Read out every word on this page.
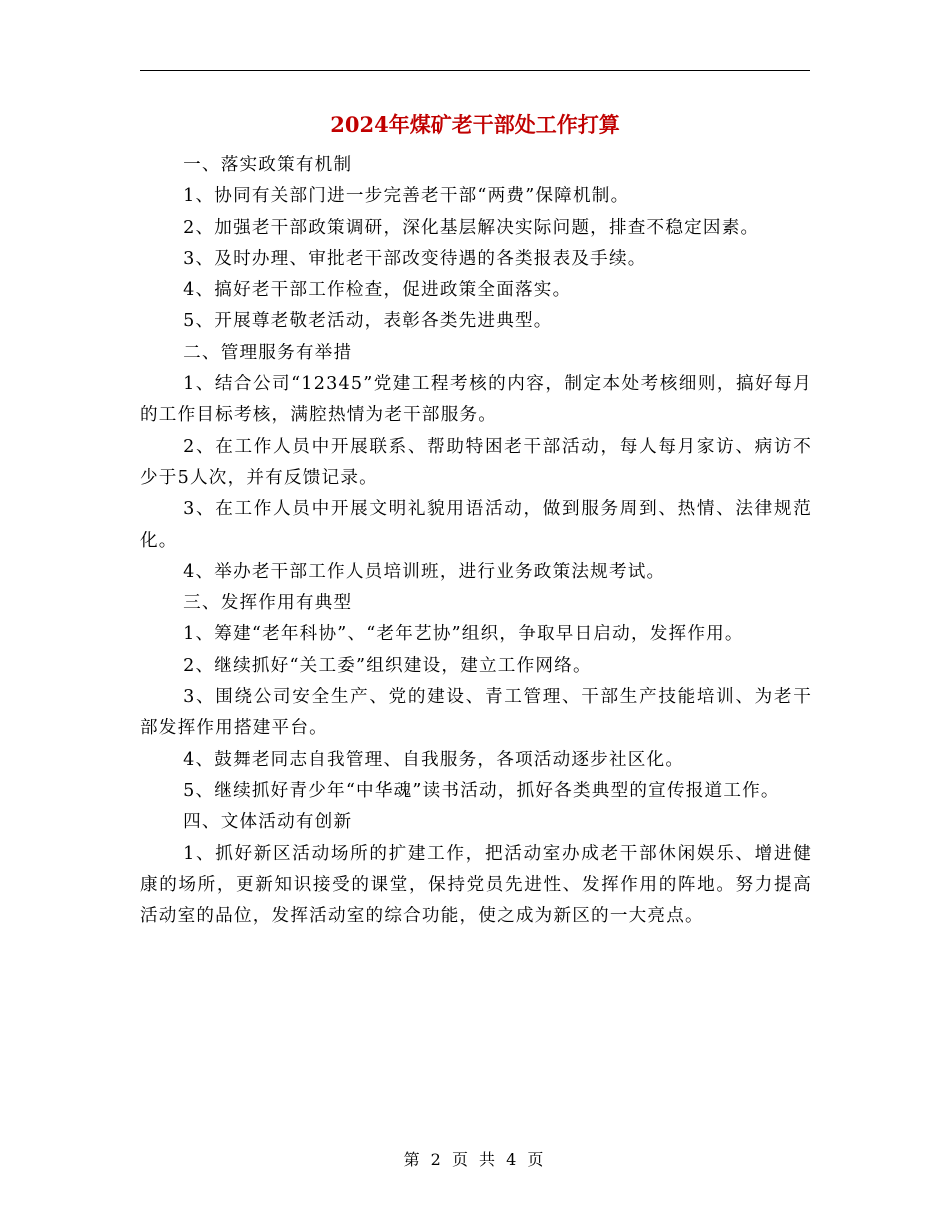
2024年煤矿老干部处工作打算

一、落实政策有机制

1、协同有关部门进一步完善老干部“两费”保障机制。

2、加强老干部政策调研，深化基层解决实际问题，排查不稳定因素。

3、及时办理、审批老干部改变待遇的各类报表及手续。

4、搞好老干部工作检查，促进政策全面落实。

5、开展尊老敬老活动，表彰各类先进典型。

二、管理服务有举措

1、结合公司“12345”党建工程考核的内容，制定本处考核细则，搞好每月的工作目标考核，满腔热情为老干部服务。

2、在工作人员中开展联系、帮助特困老干部活动，每人每月家访、病访不少于5人次，并有反馈记录。

3、在工作人员中开展文明礼貌用语活动，做到服务周到、热情、法律规范化。

4、举办老干部工作人员培训班，进行业务政策法规考试。

三、发挥作用有典型

1、筹建“老年科协”、“老年艺协”组织，争取早日启动，发挥作用。

2、继续抓好“关工委”组织建设，建立工作网络。

3、围绕公司安全生产、党的建设、青工管理、干部生产技能培训、为老干部发挥作用搭建平台。

4、鼓舞老同志自我管理、自我服务，各项活动逐步社区化。

5、继续抓好青少年“中华魂”读书活动，抓好各类典型的宣传报道工作。

四、文体活动有创新

1、抓好新区活动场所的扩建工作，把活动室办成老干部休闲娱乐、增进健康的场所，更新知识接受的课堂，保持党员先进性、发挥作用的阵地。努力提高活动室的品位，发挥活动室的综合功能，使之成为新区的一大亮点。

第 2 页 共 4 页
